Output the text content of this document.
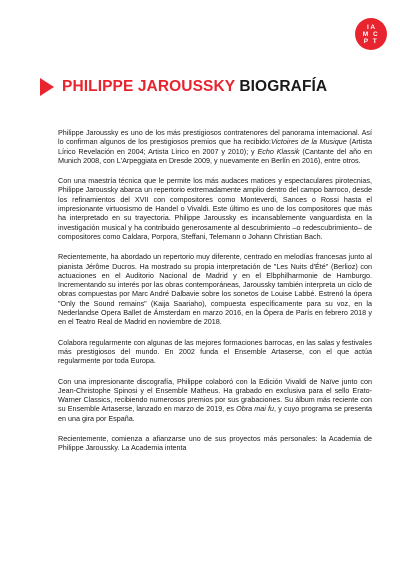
I A
M C
P T
PHILIPPE JAROUSSKY BIOGRAFÍA

Philippe Jaroussky es uno de los más prestigiosos contratenores del panorama internacional. Así lo confirman algunos de los prestigiosos premios que ha recibido:Victoires de la Musique (Artista Lírico Revelación en 2004; Artista Lírico en 2007 y 2010); y Echo Klassik (Cantante del año en Munich 2008, con L'Arpeggiata en Dresde 2009, y nuevamente en Berlín en 2016), entre otros.

Con una maestría técnica que le permite los más audaces matices y espectaculares pirotecnias, Philippe Jaroussky abarca un repertorio extremadamente amplio dentro del campo barroco, desde los refinamientos del XVII con compositores como Monteverdi, Sances o Rossi hasta el impresionante virtuosismo de Handel o Vivaldi. Este último es uno de los compositores que más ha interpretado en su trayectoria. Philippe Jaroussky es incansablemente vanguardista en la investigación musical y ha contribuido generosamente al descubrimiento –o redescubrimiento– de compositores como Caldara, Porpora, Steffani, Telemann o Johann Christian Bach.

Recientemente, ha abordado un repertorio muy diferente, centrado en melodías francesas junto al pianista Jérôme Ducros. Ha mostrado su propia interpretación de "Les Nuits d'Été" (Berlioz) con actuaciones en el Auditorio Nacional de Madrid y en el Elbphilharmonie de Hamburgo. Incrementando su interés por las obras contemporáneas, Jaroussky también interpreta un ciclo de obras compuestas por Marc André Dalbavie sobre los sonetos de Louise Labbé. Estrenó la ópera "Only the Sound remains" (Kaija Saariaho), compuesta específicamente para su voz, en la Nederlandse Opera Ballet de Ámsterdam en marzo 2016, en la Ópera de París en febrero 2018 y en el Teatro Real de Madrid en noviembre de 2018.

Colabora regularmente con algunas de las mejores formaciones barrocas, en las salas y festivales más prestigiosos del mundo. En 2002 funda el Ensemble Artaserse, con el que actúa regularmente por toda Europa.

Con una impresionante discografía, Philippe colaboró con la Edición Vivaldi de Naïve junto con Jean-Christophe Spinosi y el Ensemble Matheus. Ha grabado en exclusiva para el sello Erato-Warner Classics, recibiendo numerosos premios por sus grabaciones. Su álbum más reciente con su Ensemble Artaserse, lanzado en marzo de 2019, es Obra mai fu, y cuyo programa se presenta en una gira por España.

Recientemente, comienza a afianzarse uno de sus proyectos más personales: la Academia de Philippe Jaroussky. La Academia intenta
